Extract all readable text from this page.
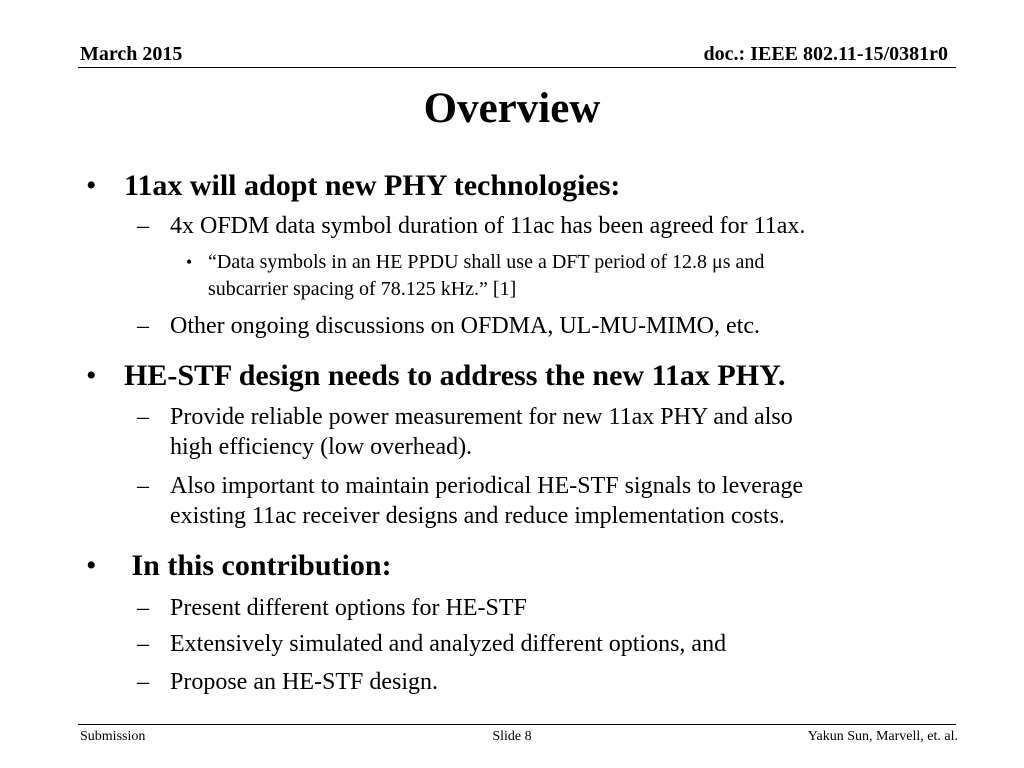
March 2015	doc.: IEEE 802.11-15/0381r0
Overview
• 11ax will adopt new PHY technologies:
– 4x OFDM data symbol duration of 11ac has been agreed for 11ax.
• “Data symbols in an HE PPDU shall use a DFT period of 12.8 μs and
subcarrier spacing of 78.125 kHz.” [1]
– Other ongoing discussions on OFDMA, UL-MU-MIMO, etc.
• HE-STF design needs to address the new 11ax PHY.
– Provide reliable power measurement for new 11ax PHY and also
high efficiency (low overhead).
– Also important to maintain periodical HE-STF signals to leverage
existing 11ac receiver designs and reduce implementation costs.
• In this contribution:
– Present different options for HE-STF
– Extensively simulated and analyzed different options, and
– Propose an HE-STF design.
Submission	Slide 8	Yakun Sun, Marvell, et. al.
